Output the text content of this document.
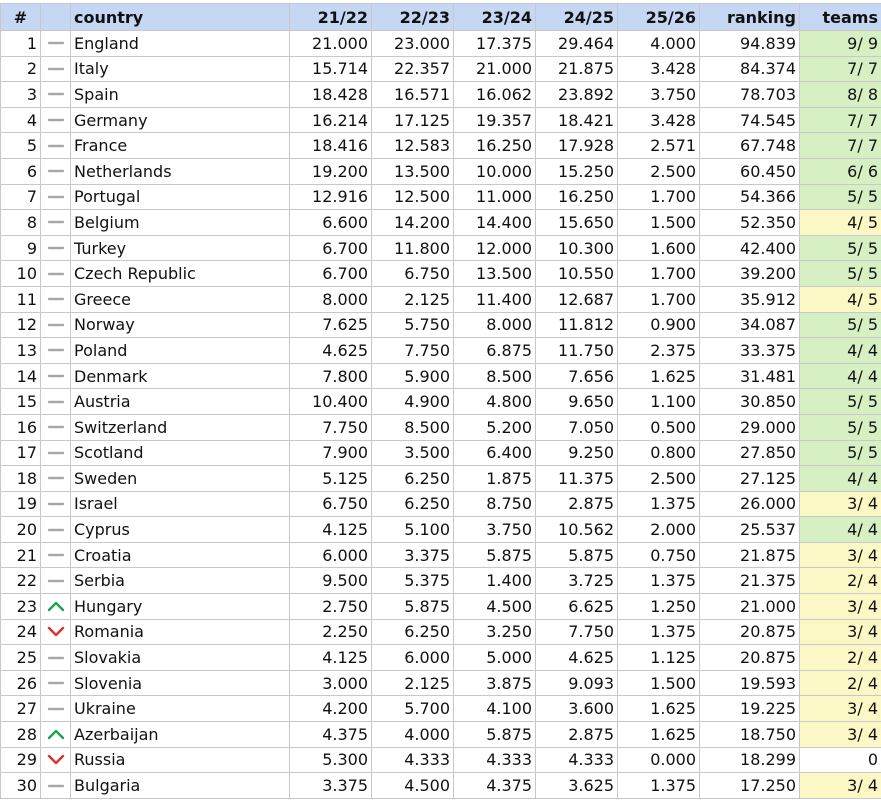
#		country	21/22	22/23	23/24	24/25	25/26	ranking	teams
1		England	21.000	23.000	17.375	29.464	4.000	94.839	9/ 9
2		Italy	15.714	22.357	21.000	21.875	3.428	84.374	7/ 7
3		Spain	18.428	16.571	16.062	23.892	3.750	78.703	8/ 8
4		Germany	16.214	17.125	19.357	18.421	3.428	74.545	7/ 7
5		France	18.416	12.583	16.250	17.928	2.571	67.748	7/ 7
6		Netherlands	19.200	13.500	10.000	15.250	2.500	60.450	6/ 6
7		Portugal	12.916	12.500	11.000	16.250	1.700	54.366	5/ 5
8		Belgium	6.600	14.200	14.400	15.650	1.500	52.350	4/ 5
9		Turkey	6.700	11.800	12.000	10.300	1.600	42.400	5/ 5
10		Czech Republic	6.700	6.750	13.500	10.550	1.700	39.200	5/ 5
11		Greece	8.000	2.125	11.400	12.687	1.700	35.912	4/ 5
12		Norway	7.625	5.750	8.000	11.812	0.900	34.087	5/ 5
13		Poland	4.625	7.750	6.875	11.750	2.375	33.375	4/ 4
14		Denmark	7.800	5.900	8.500	7.656	1.625	31.481	4/ 4
15		Austria	10.400	4.900	4.800	9.650	1.100	30.850	5/ 5
16		Switzerland	7.750	8.500	5.200	7.050	0.500	29.000	5/ 5
17		Scotland	7.900	3.500	6.400	9.250	0.800	27.850	5/ 5
18		Sweden	5.125	6.250	1.875	11.375	2.500	27.125	4/ 4
19		Israel	6.750	6.250	8.750	2.875	1.375	26.000	3/ 4
20		Cyprus	4.125	5.100	3.750	10.562	2.000	25.537	4/ 4
21		Croatia	6.000	3.375	5.875	5.875	0.750	21.875	3/ 4
22		Serbia	9.500	5.375	1.400	3.725	1.375	21.375	2/ 4
23		Hungary	2.750	5.875	4.500	6.625	1.250	21.000	3/ 4
24		Romania	2.250	6.250	3.250	7.750	1.375	20.875	3/ 4
25		Slovakia	4.125	6.000	5.000	4.625	1.125	20.875	2/ 4
26		Slovenia	3.000	2.125	3.875	9.093	1.500	19.593	2/ 4
27		Ukraine	4.200	5.700	4.100	3.600	1.625	19.225	3/ 4
28		Azerbaijan	4.375	4.000	5.875	2.875	1.625	18.750	3/ 4
29		Russia	5.300	4.333	4.333	4.333	0.000	18.299	0
30		Bulgaria	3.375	4.500	4.375	3.625	1.375	17.250	3/ 4
